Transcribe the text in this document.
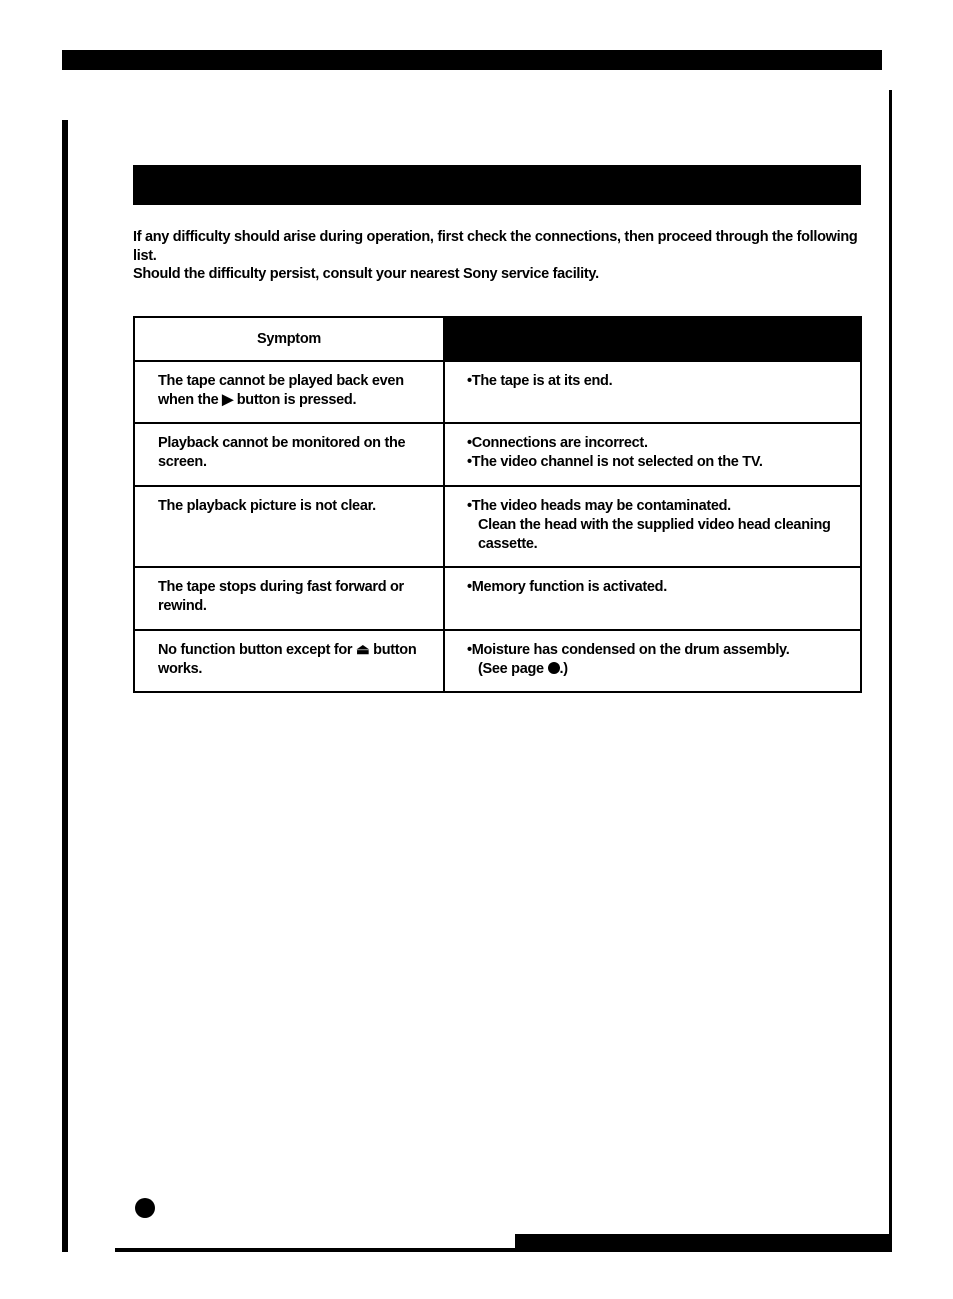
If any difficulty should arise during operation, first check the connections, then proceed through the following list.

Should the difficulty persist, consult your nearest Sony service facility.

Symptom	
The tape cannot be played back even when the ▶ button is pressed.	•The tape is at its end.

Playback cannot be monitored on the screen.	•Connections are incorrect.
•The video channel is not selected on the TV.

The playback picture is not clear.	•The video heads may be contaminated.
Clean the head with the supplied video head cleaning cassette.

The tape stops during fast forward or rewind.	•Memory function is activated.

No function button except for ⏏ button works.	•Moisture has condensed on the drum assembly.
(See page .)
